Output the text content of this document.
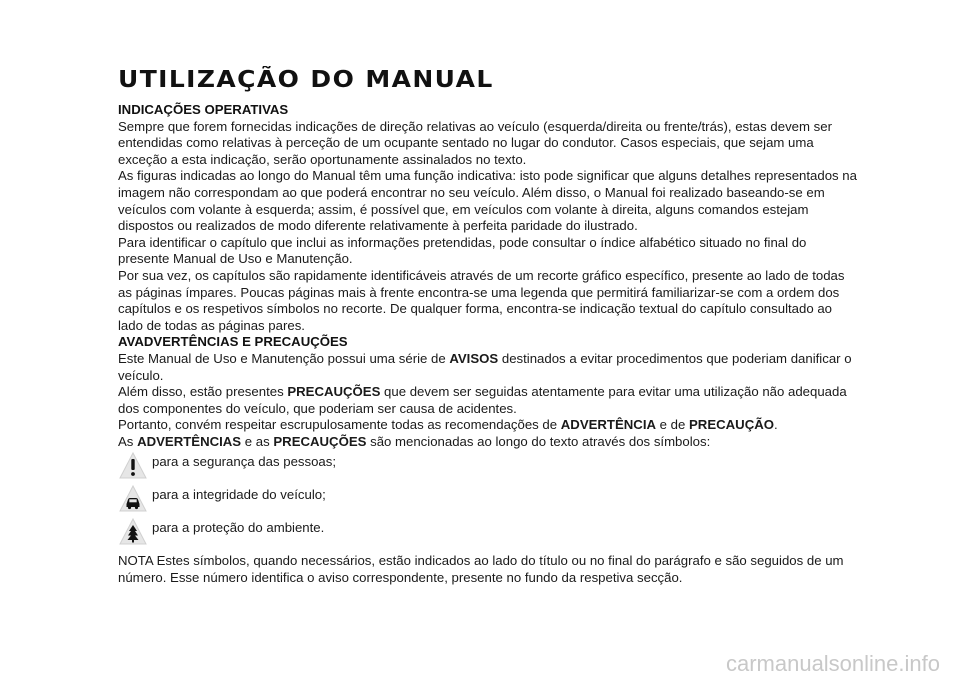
UTILIZAÇÃO DO MANUAL
INDICAÇÕES OPERATIVAS

Sempre que forem fornecidas indicações de direção relativas ao veículo (esquerda/direita ou frente/trás), estas devem ser entendidas como relativas à perceção de um ocupante sentado no lugar do condutor. Casos especiais, que sejam uma exceção a esta indicação, serão oportunamente assinalados no texto.

As figuras indicadas ao longo do Manual têm uma função indicativa: isto pode significar que alguns detalhes representados na imagem não correspondam ao que poderá encontrar no seu veículo. Além disso, o Manual foi realizado baseando-se em veículos com volante à esquerda; assim, é possível que, em veículos com volante à direita, alguns comandos estejam dispostos ou realizados de modo diferente relativamente à perfeita paridade do ilustrado.

Para identificar o capítulo que inclui as informações pretendidas, pode consultar o índice alfabético situado no final do presente Manual de Uso e Manutenção.

Por sua vez, os capítulos são rapidamente identificáveis através de um recorte gráfico específico, presente ao lado de todas as páginas ímpares. Poucas páginas mais à frente encontra-se uma legenda que permitirá familiarizar-se com a ordem dos capítulos e os respetivos símbolos no recorte. De qualquer forma, encontra-se indicação textual do capítulo consultado ao lado de todas as páginas pares.

AVADVERTÊNCIAS E PRECAUÇÕES

Este Manual de Uso e Manutenção possui uma série de AVISOS destinados a evitar procedimentos que poderiam danificar o veículo.

Além disso, estão presentes PRECAUÇÕES que devem ser seguidas atentamente para evitar uma utilização não adequada dos componentes do veículo, que poderiam ser causa de acidentes.

Portanto, convém respeitar escrupulosamente todas as recomendações de ADVERTÊNCIA e de PRECAUÇÃO.

As ADVERTÊNCIAS e as PRECAUÇÕES são mencionadas ao longo do texto através dos símbolos:

para a segurança das pessoas;
para a integridade do veículo;
para a proteção do ambiente.

NOTA Estes símbolos, quando necessários, estão indicados ao lado do título ou no final do parágrafo e são seguidos de um número. Esse número identifica o aviso correspondente, presente no fundo da respetiva secção.

carmanualsonline.info
